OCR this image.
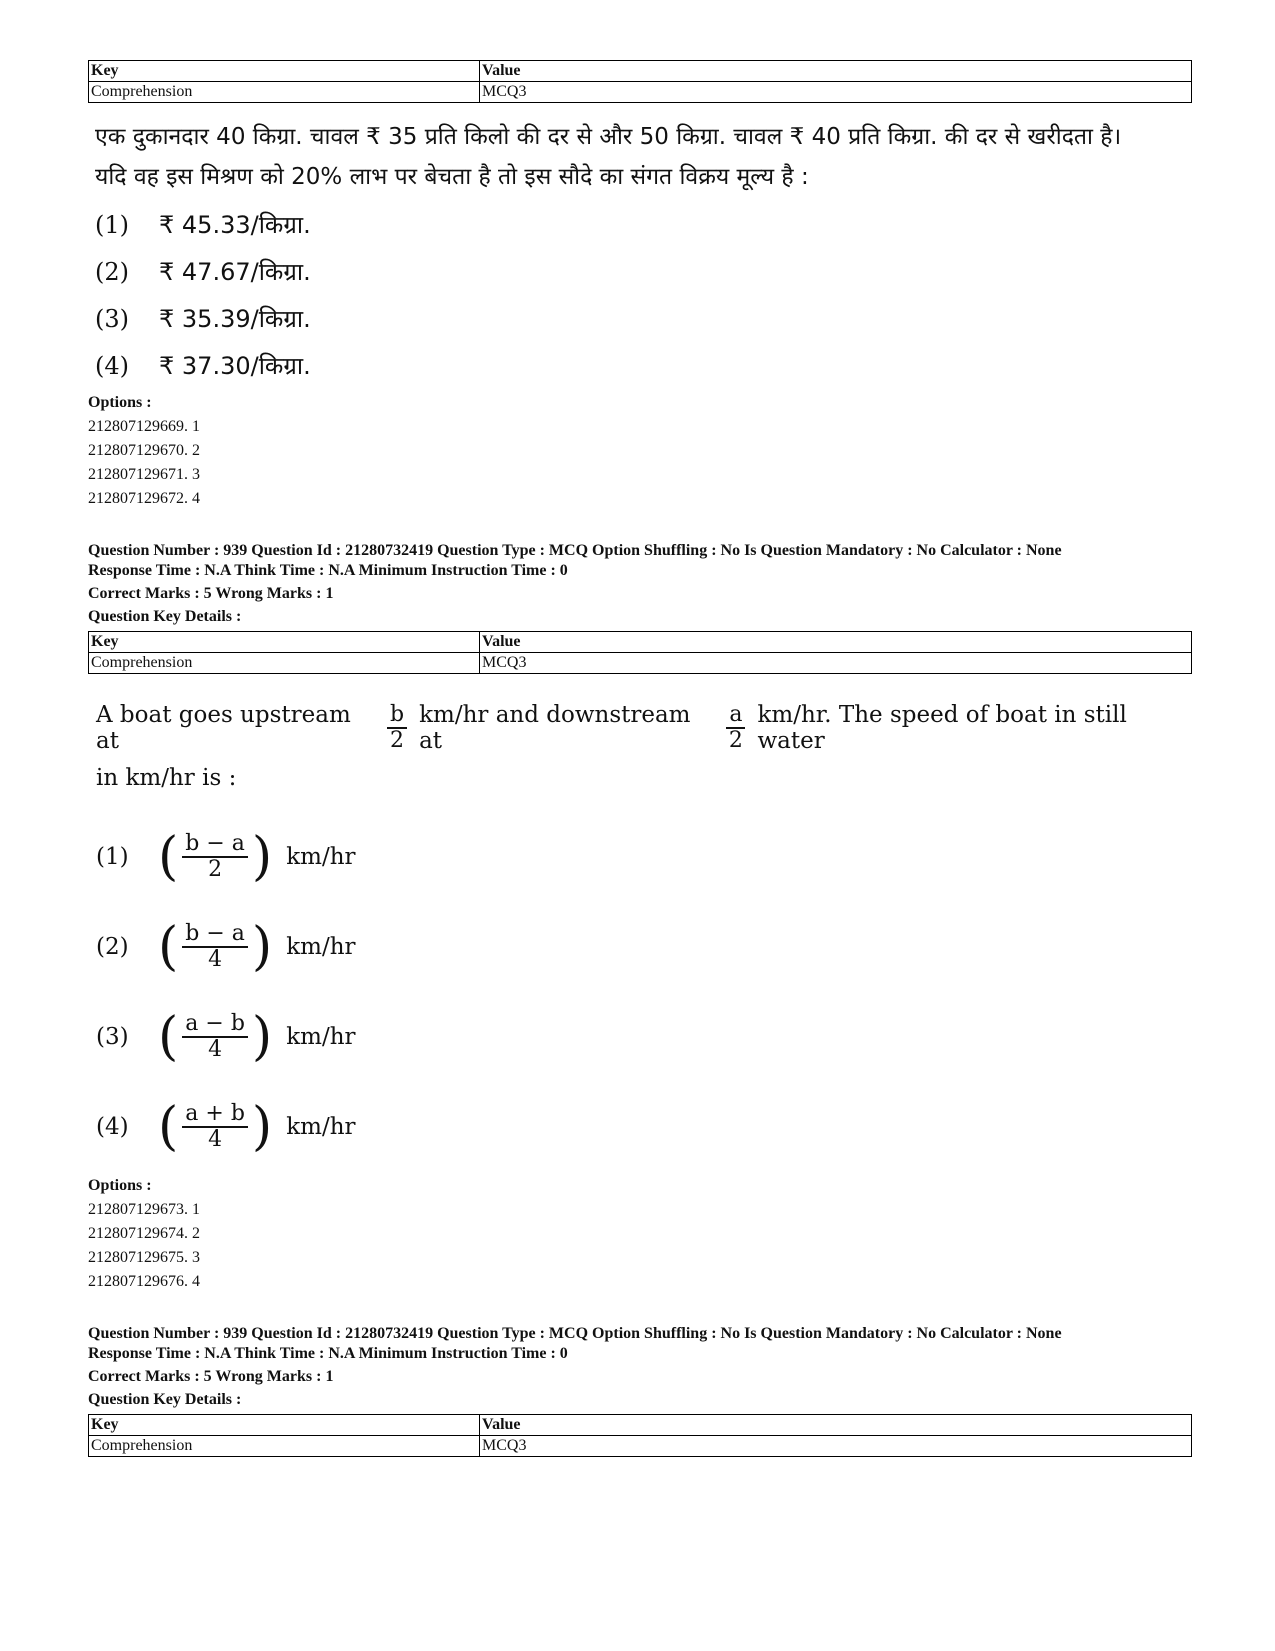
Key	Value
Comprehension	MCQ3
एक दुकानदार 40 किग्रा. चावल ₹ 35 प्रति किलो की दर से और 50 किग्रा. चावल ₹ 40 प्रति किग्रा. की दर से खरीदता है।
यदि वह इस मिश्रण को 20% लाभ पर बेचता है तो इस सौदे का संगत विक्रय मूल्य है :
(1)	₹ 45.33/किग्रा.
(2)	₹ 47.67/किग्रा.
(3)	₹ 35.39/किग्रा.
(4)	₹ 37.30/किग्रा.
Options :
212807129669. 1
212807129670. 2
212807129671. 3
212807129672. 4

Question Number : 939 Question Id : 21280732419 Question Type : MCQ Option Shuffling : No Is Question Mandatory : No Calculator : None

Response Time : N.A Think Time : N.A Minimum Instruction Time : 0

Correct Marks : 5 Wrong Marks : 1

Question Key Details :

Key	Value
Comprehension	MCQ3
A boat goes upstream at	$\frac{b}{2} km/hr$ and downstream at	$\frac{a}{2} km/hr$. The speed of boat in still water
in km/hr is :
(1) ( $\frac{b - a}{2}$ ) km/hr
(2) ( $\frac{b - a}{4}$ ) km/hr
(3) ( $\frac{a - b}{4}$ ) km/hr
(4) ( $\frac{a + b}{4}$ ) km/hr
Options :
212807129673. 1
212807129674. 2
212807129675. 3
212807129676. 4

Question Number : 939 Question Id : 21280732419 Question Type : MCQ Option Shuffling : No Is Question Mandatory : No Calculator : None

Response Time : N.A Think Time : N.A Minimum Instruction Time : 0

Correct Marks : 5 Wrong Marks : 1

Question Key Details :

Key	Value
Comprehension	MCQ3
